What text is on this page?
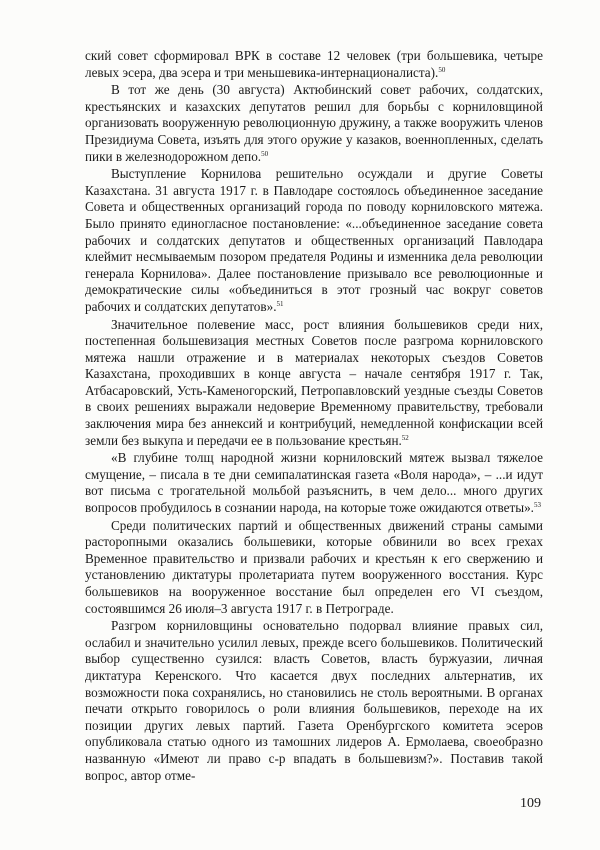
ский совет сформировал ВРК в составе 12 человек (три большевика, четыре левых эсера, два эсера и три меньшевика-интернационалиста).$^{50}$

В тот же день (30 августа) Актюбинский совет рабочих, солдатских, крестьянских и казахских депутатов решил для борьбы с корниловщиной организовать вооруженную революционную дружину, а также вооружить членов Президиума Совета, изъять для этого оружие у казаков, военнопленных, сделать пики в железнодорожном депо.$^{50}$

Выступление Корнилова решительно осуждали и другие Советы Казахстана. 31 августа 1917 г. в Павлодаре состоялось объединенное заседание Совета и общественных организаций города по поводу корниловского мятежа. Было принято единогласное постановление: «...объединенное заседание совета рабочих и солдатских депутатов и общественных организаций Павлодара клеймит несмываемым позором предателя Родины и изменника дела революции генерала Корнилова». Далее постановление призывало все революционные и демократические силы «объединиться в этот грозный час вокруг советов рабочих и солдатских депутатов».$^{51}$

Значительное полевение масс, рост влияния большевиков среди них, постепенная большевизация местных Советов после разгрома корниловского мятежа нашли отражение и в материалах некоторых съездов Советов Казахстана, проходивших в конце августа – начале сентября 1917 г. Так, Атбасаровский, Усть-Каменогорский, Петропавловский уездные съезды Советов в своих решениях выражали недоверие Временному правительству, требовали заключения мира без аннексий и контрибуций, немедленной конфискации всей земли без выкупа и передачи ее в пользование крестьян.$^{52}$

«В глубине толщ народной жизни корниловский мятеж вызвал тяжелое смущение, – писала в те дни семипалатинская газета «Воля народа», – ...и идут вот письма с трогательной мольбой разъяснить, в чем дело... много других вопросов пробудилось в сознании народа, на которые тоже ожидаются ответы».$^{53}$

Среди политических партий и общественных движений страны самыми расторопными оказались большевики, которые обвинили во всех грехах Временное правительство и призвали рабочих и крестьян к его свержению и установлению диктатуры пролетариата путем вооруженного восстания. Курс большевиков на вооруженное восстание был определен его VI съездом, состоявшимся 26 июля–3 августа 1917 г. в Петрограде.

Разгром корниловщины основательно подорвал влияние правых сил, ослабил и значительно усилил левых, прежде всего большевиков. Политический выбор существенно сузился: власть Советов, власть буржуазии, личная диктатура Керенского. Что касается двух последних альтернатив, их возможности пока сохранялись, но становились не столь вероятными. В органах печати открыто говорилось о роли влияния большевиков, переходе на их позиции других левых партий. Газета Оренбургского комитета эсеров опубликовала статью одного из тамошних лидеров А. Ермолаева, своеобразно названную «Имеют ли право с-р впадать в большевизм?». Поставив такой вопрос, автор отме-

109
